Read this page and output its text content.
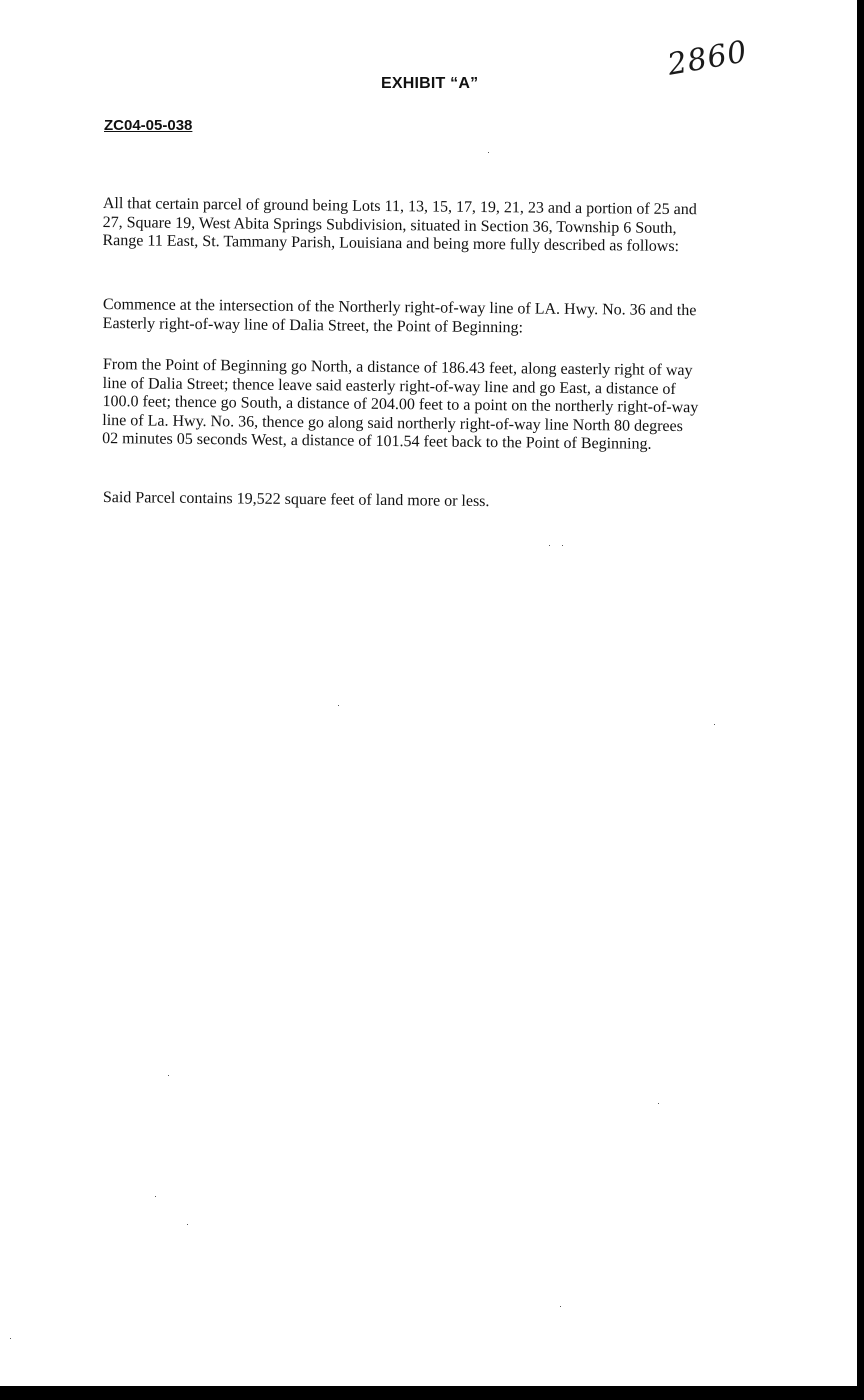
EXHIBIT “A”
2860
ZC04-05-038

All that certain parcel of ground being Lots 11, 13, 15, 17, 19, 21, 23 and a portion of 25 and 27, Square 19, West Abita Springs Subdivision, situated in Section 36, Township 6 South, Range 11 East, St. Tammany Parish, Louisiana and being more fully described as follows:

Commence at the intersection of the Northerly right-of-way line of LA. Hwy. No. 36 and the Easterly right-of-way line of Dalia Street, the Point of Beginning:

From the Point of Beginning go North, a distance of 186.43 feet, along easterly right of way line of Dalia Street; thence leave said easterly right-of-way line and go East, a distance of 100.0 feet; thence go South, a distance of 204.00 feet to a point on the northerly right-of-way line of La. Hwy. No. 36, thence go along said northerly right-of-way line North 80 degrees 02 minutes 05 seconds West, a distance of 101.54 feet back to the Point of Beginning.

Said Parcel contains 19,522 square feet of land more or less.
